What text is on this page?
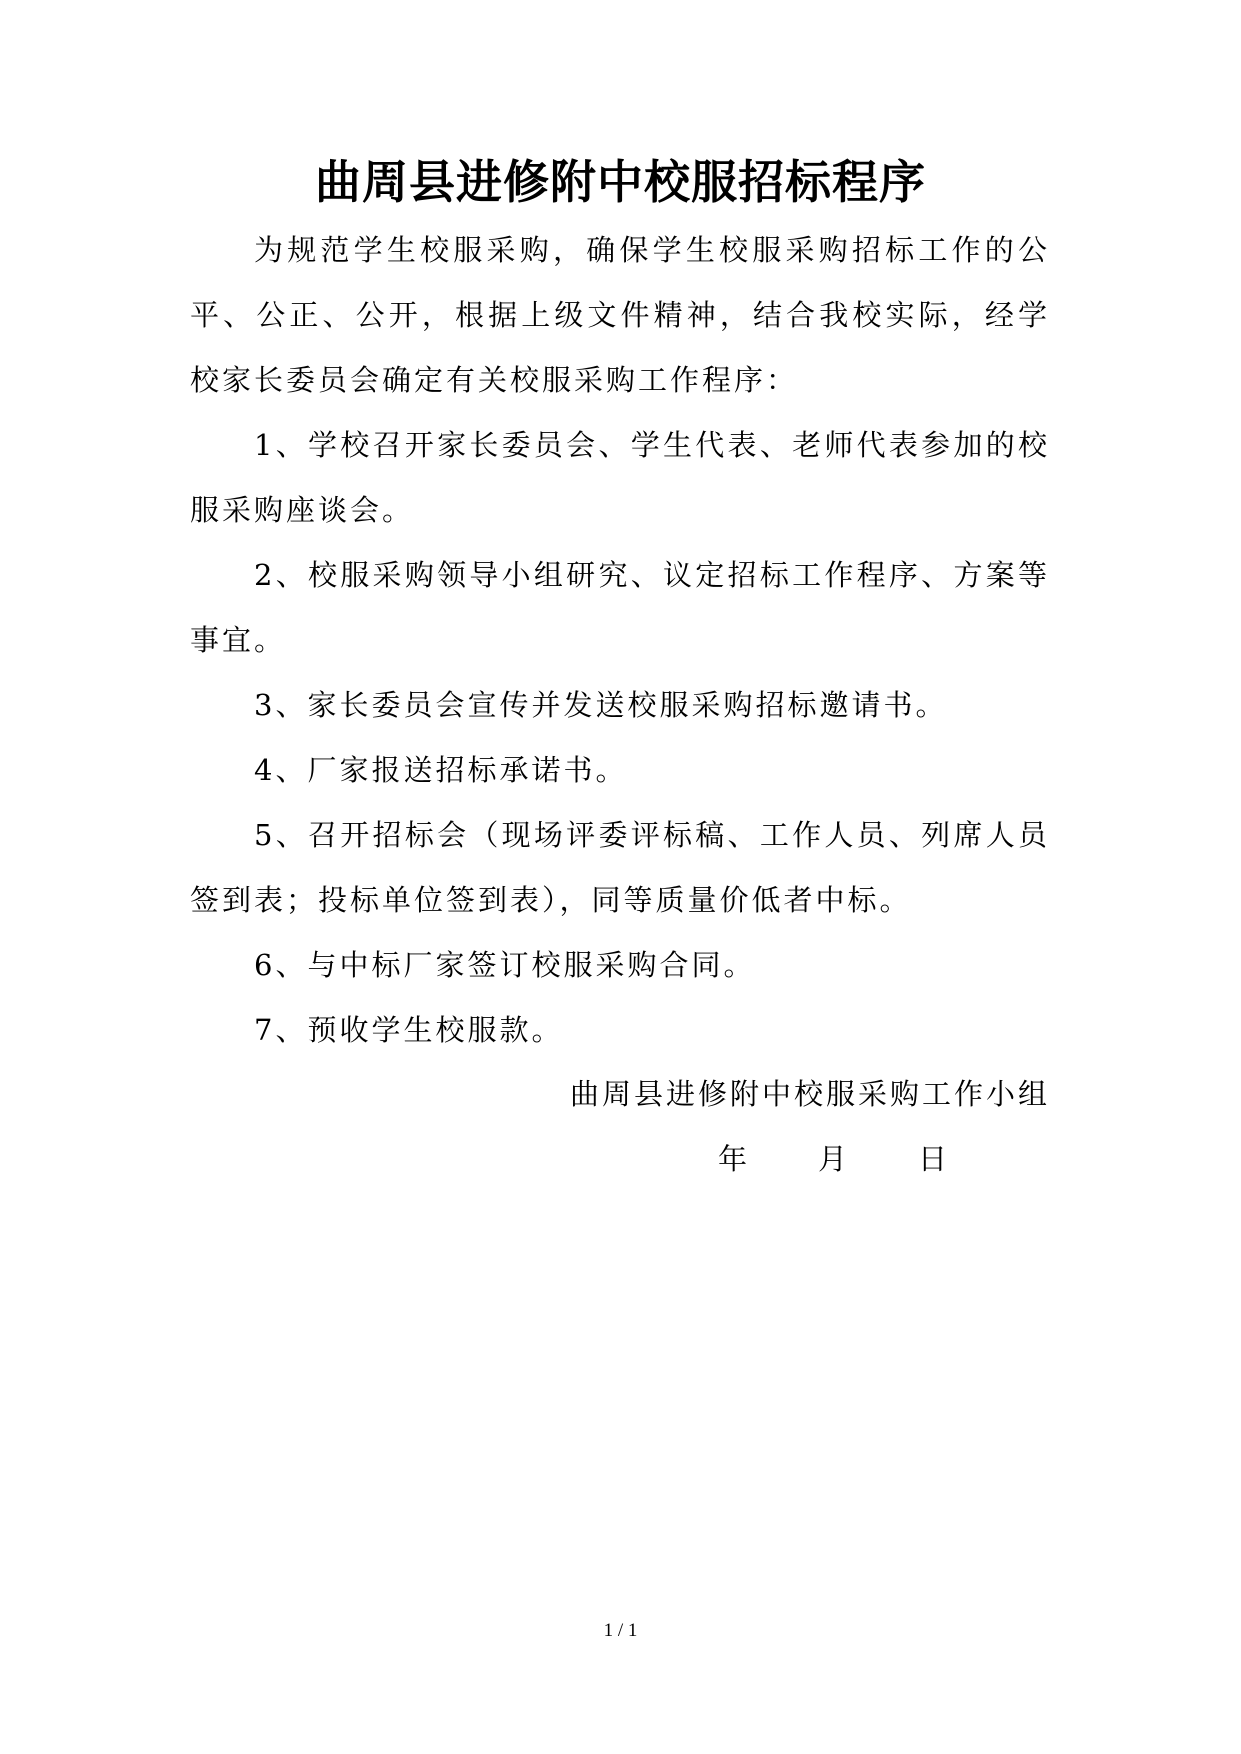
曲周县进修附中校服招标程序

为规范学生校服采购，确保学生校服采购招标工作的公平、公正、公开，根据上级文件精神，结合我校实际，经学校家长委员会确定有关校服采购工作程序：

1、学校召开家长委员会、学生代表、老师代表参加的校服采购座谈会。

2、校服采购领导小组研究、议定招标工作程序、方案等事宜。

3、家长委员会宣传并发送校服采购招标邀请书。

4、厂家报送招标承诺书。

5、召开招标会（现场评委评标稿、工作人员、列席人员签到表；投标单位签到表），同等质量价低者中标。

6、与中标厂家签订校服采购合同。

7、预收学生校服款。

曲周县进修附中校服采购工作小组
年 月 日
1 / 1
